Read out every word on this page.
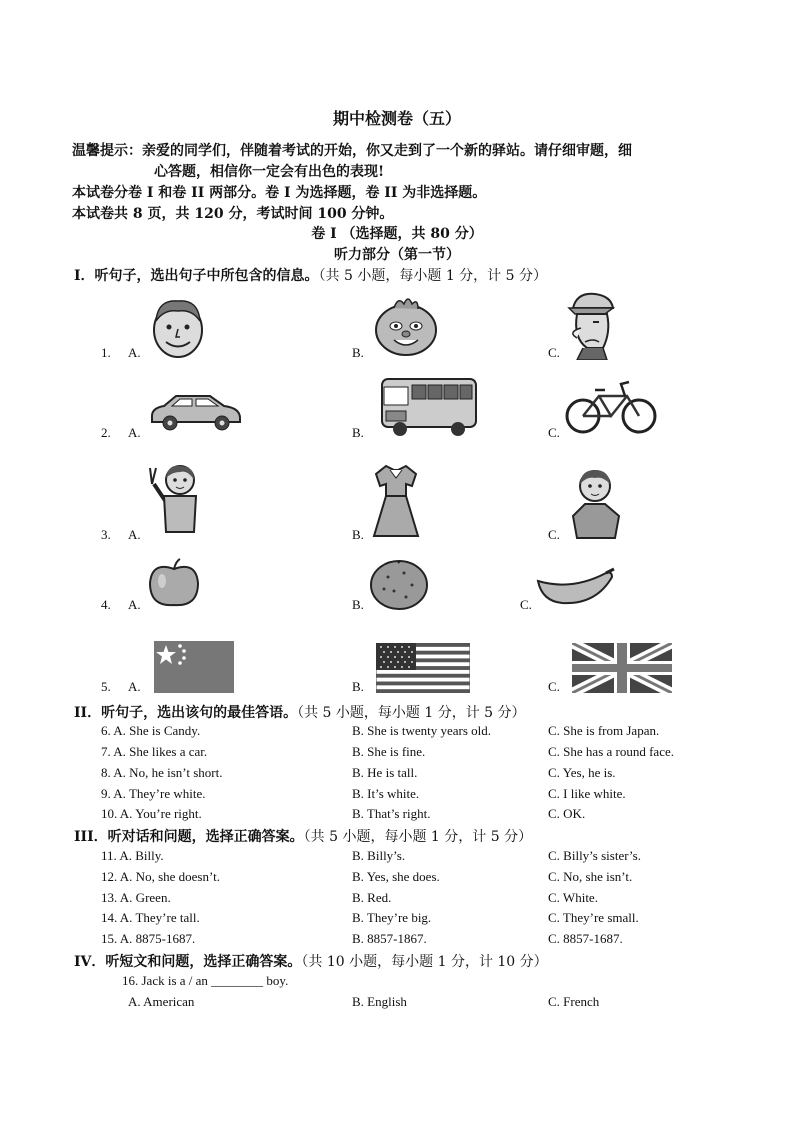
期中检测卷（五）
温馨提示：亲爱的同学们，伴随着考试的开始，你又走到了一个新的驿站。请仔细审题，细
心答题，相信你一定会有出色的表现!
本试卷分卷 I 和卷 II 两部分。卷 I 为选择题，卷 II 为非选择题。
本试卷共 8 页，共 120 分，考试时间 100 分钟。
卷 I （选择题，共 80 分）
听力部分（第一节）
I．听句子，选出句子中所包含的信息。（共 5 小题，每小题 1 分，计 5 分）
1. A.	B.	C.
2. A.	B.	C.
3. A.	B.	C.
4. A.	B.	C.
5. A.	B.	C.
II．听句子，选出该句的最佳答语。（共 5 小题，每小题 1 分，计 5 分）
6. A. She is Candy.	B. She is twenty years old.	C. She is from Japan.
7. A. She likes a car.	B. She is fine.	C. She has a round face.
8. A. No, he isn’t short.	B. He is tall.	C. Yes, he is.
9. A. They’re white.	B. It’s white.	C. I like white.
10. A. You’re right.	B. That’s right.	C. OK.
III．听对话和问题，选择正确答案。（共 5 小题，每小题 1 分，计 5 分）
11. A. Billy.	B. Billy’s.	C. Billy’s sister’s.
12. A. No, she doesn’t.	B. Yes, she does.	C. No, she isn’t.
13. A. Green.	B. Red.	C. White.
14. A. They’re tall.	B. They’re big.	C. They’re small.
15. A. 8875-1687.	B. 8857-1867.	C. 8857-1687.
IV．听短文和问题，选择正确答案。（共 10 小题，每小题 1 分，计 10 分）
16. Jack is a / an ________ boy.
A. American	B. English	C. French
